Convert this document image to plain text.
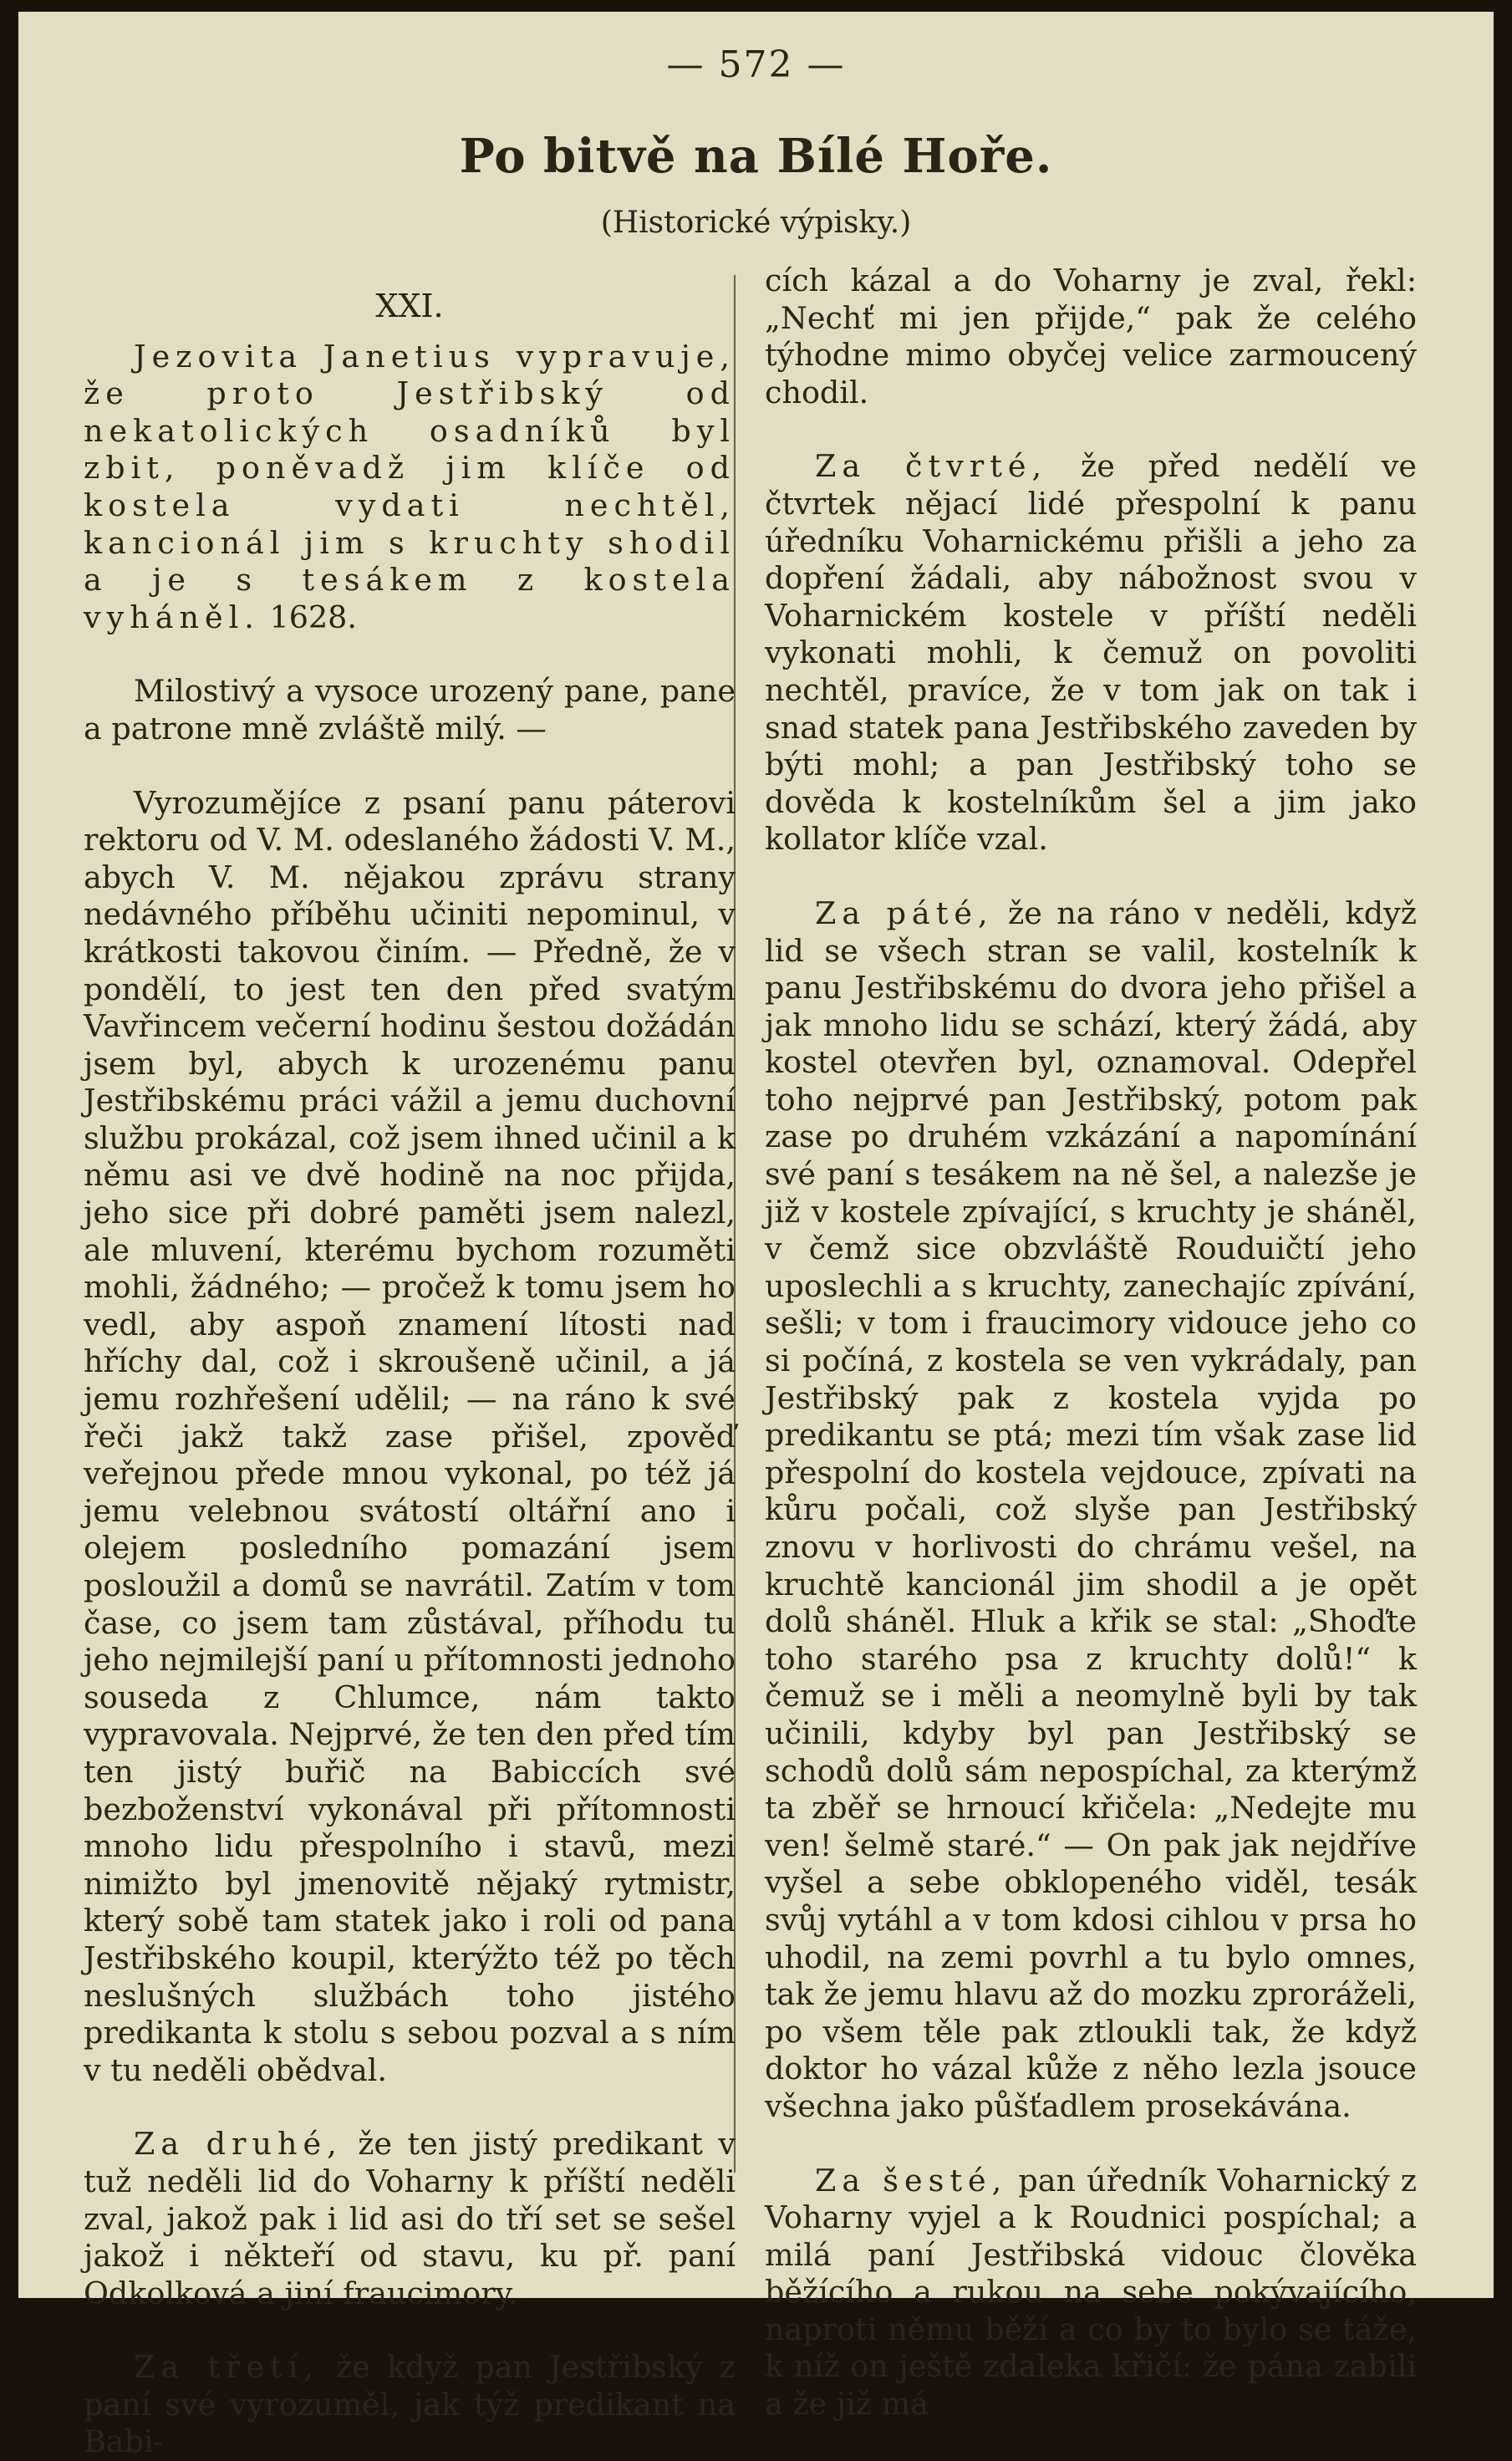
— 572 —
Po bitvě na Bílé Hoře.
(Historické výpisky.)
XXI.

Jezovita Janetius vypravuje, že proto Jestřibský od nekatolických osadníků byl zbit, poněvadž jim klíče od kostela vydati nechtěl, kancionál jim s kruchty shodil a je s tesákem z kostela vyháněl. 1628.

Milostivý a vysoce urozený pane, pane a patrone mně zvláště milý. —

Vyrozumějíce z psaní panu páterovi rektoru od V. M. odeslaného žádosti V. M., abych V. M. nějakou zprávu strany nedávného příběhu učiniti nepominul, v krátkosti takovou činím. — Předně, že v pondělí, to jest ten den před svatým Vavřincem večerní hodinu šestou dožádán jsem byl, abych k urozenému panu Jestřibskému práci vážil a jemu duchovní službu prokázal, což jsem ihned učinil a k němu asi ve dvě hodině na noc přijda, jeho sice při dobré paměti jsem nalezl, ale mluvení, kterému bychom rozuměti mohli, žádného; — pročež k tomu jsem ho vedl, aby aspoň znamení lítosti nad hříchy dal, což i skroušeně učinil, a já jemu rozhřešení udělil; — na ráno k své řeči jakž takž zase přišel, zpověď veřejnou přede mnou vykonal, po též já jemu velebnou svátostí oltářní ano i olejem posledního pomazání jsem posloužil a domů se navrátil. Zatím v tom čase, co jsem tam zůstával, příhodu tu jeho nejmilejší paní u přítomnosti jednoho souseda z Chlumce, nám takto vypravovala. Nejprvé, že ten den před tím ten jistý buřič na Babiccích své bezboženství vykonával při přítomnosti mnoho lidu přespolního i stavů, mezi nimižto byl jmenovitě nějaký rytmistr, který sobě tam statek jako i roli od pana Jestřibského koupil, kterýžto též po těch neslušných službách toho jistého predikanta k stolu s sebou pozval a s ním v tu neděli obědval.

Za druhé, že ten jistý predikant v tuž neděli lid do Voharny k příští neděli zval, jakož pak i lid asi do tří set se sešel jakož i někteří od stavu, ku př. paní Odkolková a jiní fraucimory.

Za třetí, že když pan Jestřibský z paní své vyrozuměl, jak týž predikant na Babi-

cích kázal a do Voharny je zval, řekl: „Nechť mi jen přijde,“ pak že celého týhodne mimo obyčej velice zarmoucený chodil.

Za čtvrté, že před nedělí ve čtvrtek nějací lidé přespolní k panu úředníku Voharnickému přišli a jeho za dopření žádali, aby nábožnost svou v Voharnickém kostele v příští neděli vykonati mohli, k čemuž on povoliti nechtěl, pravíce, že v tom jak on tak i snad statek pana Jestřibského zaveden by býti mohl; a pan Jestřibský toho se dověda k kostelníkům šel a jim jako kollator klíče vzal.

Za páté, že na ráno v neděli, když lid se všech stran se valil, kostelník k panu Jestřibskému do dvora jeho přišel a jak mnoho lidu se schází, který žádá, aby kostel otevřen byl, oznamoval. Odepřel toho nejprvé pan Jestřibský, potom pak zase po druhém vzkázání a napomínání své paní s tesákem na ně šel, a nalezše je již v kostele zpívající, s kruchty je sháněl, v čemž sice obzvláště Rouduičtí jeho uposlechli a s kruchty, zanechajíc zpívání, sešli; v tom i fraucimory vidouce jeho co si počíná, z kostela se ven vykrádaly, pan Jestřibský pak z kostela vyjda po predikantu se ptá; mezi tím však zase lid přespolní do kostela vejdouce, zpívati na kůru počali, což slyše pan Jestřibský znovu v horlivosti do chrámu vešel, na kruchtě kancionál jim shodil a je opět dolů sháněl. Hluk a křik se stal: „Shoďte toho starého psa z kruchty dolů!“ k čemuž se i měli a neomylně byli by tak učinili, kdyby byl pan Jestřibský se schodů dolů sám nepospíchal, za kterýmž ta zběř se hrnoucí křičela: „Nedejte mu ven! šelmě staré.“ — On pak jak nejdříve vyšel a sebe obklopeného viděl, tesák svůj vytáhl a v tom kdosi cihlou v prsa ho uhodil, na zemi povrhl a tu bylo omnes, tak že jemu hlavu až do mozku zproráželi, po všem těle pak ztloukli tak, že když doktor ho vázal kůže z něho lezla jsouce všechna jako půšťadlem prosekávána.

Za šesté, pan úředník Voharnický z Voharny vyjel a k Roudnici pospíchal; a milá paní Jestřibská vidouc člověka běžícího a rukou na sebe pokývajícího, naproti němu běží a co by to bylo se táže, k níž on ještě zdaleka křičí: že pána zabili a že již má
